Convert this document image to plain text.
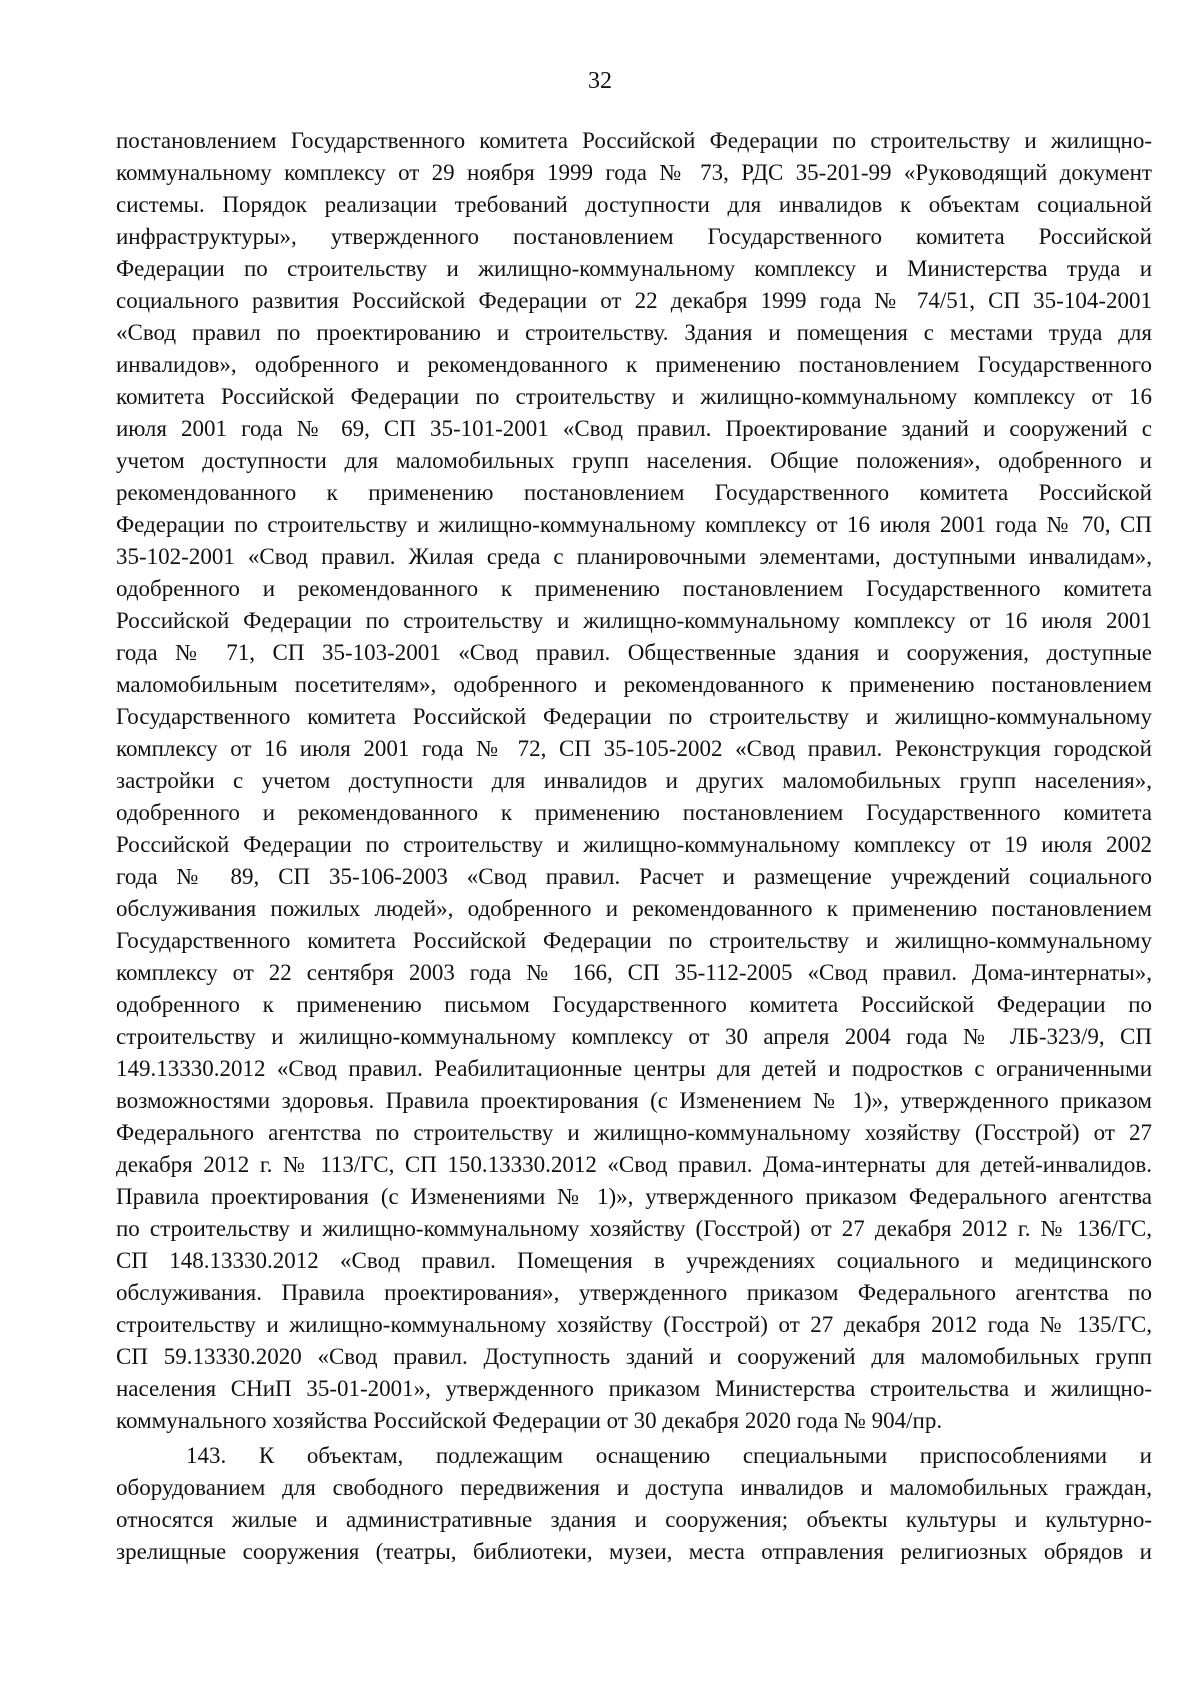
32
постановлением Государственного комитета Российской Федерации по строительству и жилищно-
коммунальному комплексу от 29 ноября 1999 года № 73, РДС 35-201-99 «Руководящий документ
системы. Порядок реализации требований доступности для инвалидов к объектам социальной
инфраструктуры», утвержденного постановлением Государственного комитета Российской
Федерации по строительству и жилищно-коммунальному комплексу и Министерства труда и
социального развития Российской Федерации от 22 декабря 1999 года № 74/51, СП 35-104-2001
«Свод правил по проектированию и строительству. Здания и помещения с местами труда для
инвалидов», одобренного и рекомендованного к применению постановлением Государственного
комитета Российской Федерации по строительству и жилищно-коммунальному комплексу от 16
июля 2001 года № 69, СП 35-101-2001 «Свод правил. Проектирование зданий и сооружений с
учетом доступности для маломобильных групп населения. Общие положения», одобренного и
рекомендованного к применению постановлением Государственного комитета Российской
Федерации по строительству и жилищно-коммунальному комплексу от 16 июля 2001 года № 70, СП
35-102-2001 «Свод правил. Жилая среда с планировочными элементами, доступными инвалидам»,
одобренного и рекомендованного к применению постановлением Государственного комитета
Российской Федерации по строительству и жилищно-коммунальному комплексу от 16 июля 2001
года № 71, СП 35-103-2001 «Свод правил. Общественные здания и сооружения, доступные
маломобильным посетителям», одобренного и рекомендованного к применению постановлением
Государственного комитета Российской Федерации по строительству и жилищно-коммунальному
комплексу от 16 июля 2001 года № 72, СП 35-105-2002 «Свод правил. Реконструкция городской
застройки с учетом доступности для инвалидов и других маломобильных групп населения»,
одобренного и рекомендованного к применению постановлением Государственного комитета
Российской Федерации по строительству и жилищно-коммунальному комплексу от 19 июля 2002
года № 89, СП 35-106-2003 «Свод правил. Расчет и размещение учреждений социального
обслуживания пожилых людей», одобренного и рекомендованного к применению постановлением
Государственного комитета Российской Федерации по строительству и жилищно-коммунальному
комплексу от 22 сентября 2003 года № 166, СП 35-112-2005 «Свод правил. Дома-интернаты»,
одобренного к применению письмом Государственного комитета Российской Федерации по
строительству и жилищно-коммунальному комплексу от 30 апреля 2004 года № ЛБ-323/9, СП
149.13330.2012 «Свод правил. Реабилитационные центры для детей и подростков с ограниченными
возможностями здоровья. Правила проектирования (с Изменением № 1)», утвержденного приказом
Федерального агентства по строительству и жилищно-коммунальному хозяйству (Госстрой) от 27
декабря 2012 г. № 113/ГС, СП 150.13330.2012 «Свод правил. Дома-интернаты для детей-инвалидов.
Правила проектирования (с Изменениями № 1)», утвержденного приказом Федерального агентства
по строительству и жилищно-коммунальному хозяйству (Госстрой) от 27 декабря 2012 г. № 136/ГС,
СП 148.13330.2012 «Свод правил. Помещения в учреждениях социального и медицинского
обслуживания. Правила проектирования», утвержденного приказом Федерального агентства по
строительству и жилищно-коммунальному хозяйству (Госстрой) от 27 декабря 2012 года № 135/ГС,
СП 59.13330.2020 «Свод правил. Доступность зданий и сооружений для маломобильных групп
населения СНиП 35-01-2001», утвержденного приказом Министерства строительства и жилищно-
коммунального хозяйства Российской Федерации от 30 декабря 2020 года № 904/пр.
143. К объектам, подлежащим оснащению специальными приспособлениями и
оборудованием для свободного передвижения и доступа инвалидов и маломобильных граждан,
относятся жилые и административные здания и сооружения; объекты культуры и культурно-
зрелищные сооружения (театры, библиотеки, музеи, места отправления религиозных обрядов и
